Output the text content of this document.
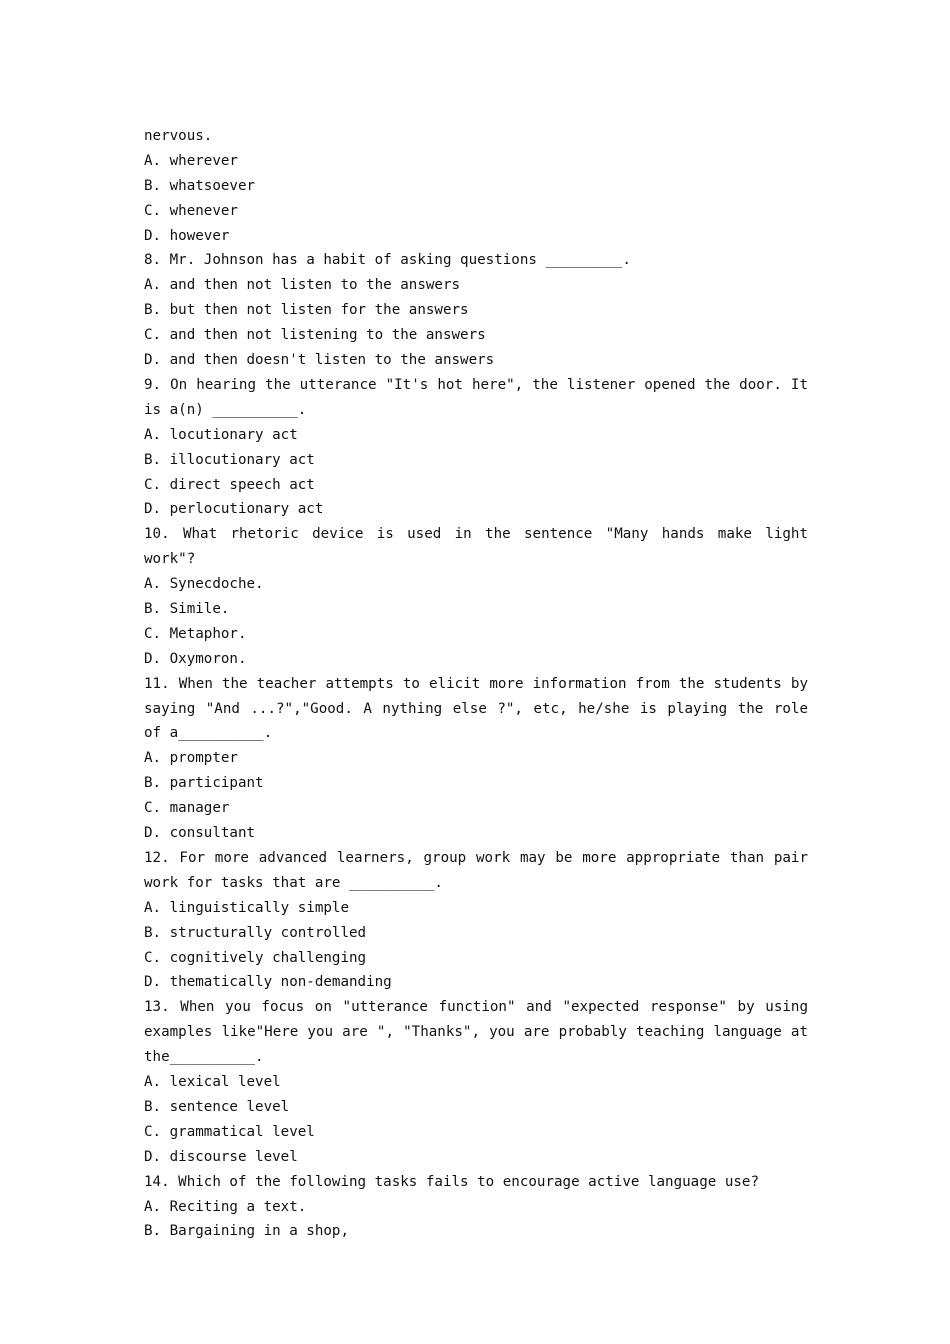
nervous.
A. wherever
B. whatsoever
C. whenever
D. however
8. Mr. Johnson has a habit of asking questions _________.
A. and then not listen to the answers
B. but then not listen for the answers
C. and then not listening to the answers
D. and then doesn't listen to the answers
9. On hearing the utterance "It's hot here", the listener opened the door. It is a(n) __________.
A. locutionary act
B. illocutionary act
C. direct speech act
D. perlocutionary act
10. What rhetoric device is used in the sentence "Many hands make light work"?
A. Synecdoche.
B. Simile.
C. Metaphor.
D. Oxymoron.
11. When the teacher attempts to elicit more information from the students by saying "And ...?","Good. A nything else ?", etc, he/she is playing the role of a__________.
A. prompter
B. participant
C. manager
D. consultant
12. For more advanced learners, group work may be more appropriate than pair work for tasks that are __________.
A. linguistically simple
B. structurally controlled
C. cognitively challenging
D. thematically non-demanding
13. When you focus on "utterance function" and "expected response" by using examples like"Here you are ", "Thanks", you are probably teaching language at the__________.
A. lexical level
B. sentence level
C. grammatical level
D. discourse level
14. Which of the following tasks fails to encourage active language use?
A. Reciting a text.
B. Bargaining in a shop,
